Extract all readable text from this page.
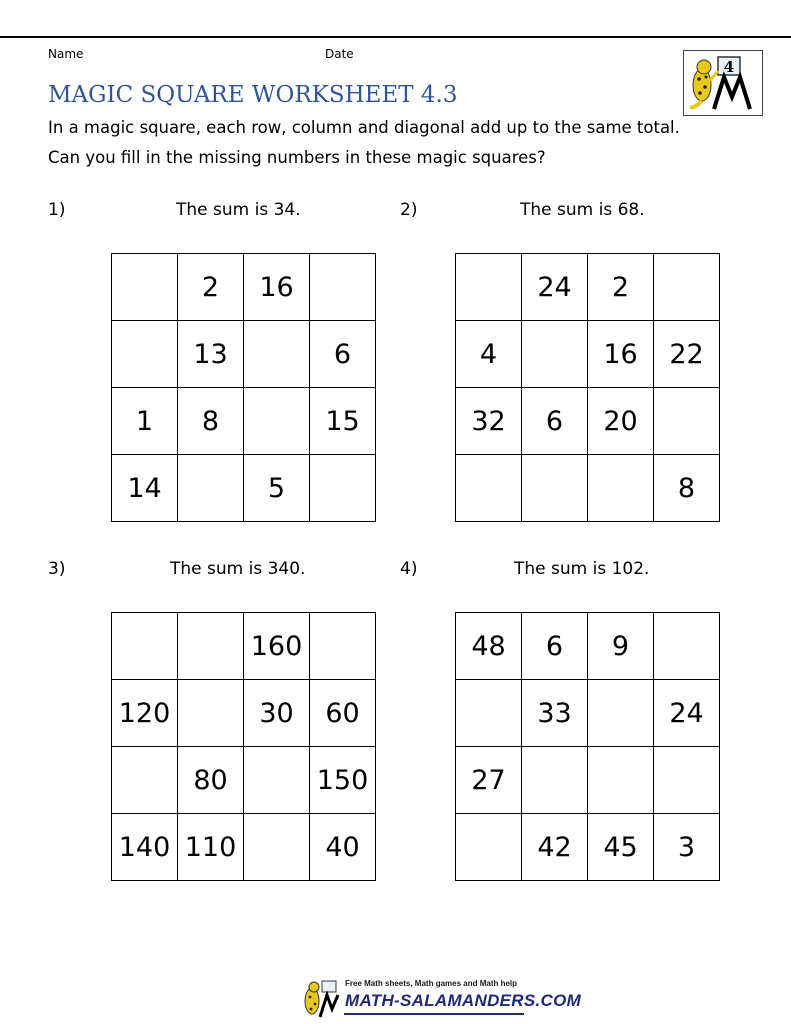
Name	Date
4
MAGIC SQUARE WORKSHEET 4.3
In a magic square, each row, column and diagonal add up to the same total.
Can you fill in the missing numbers in these magic squares?
1)	The sum is 34.
	2	16	
	13		6
1	8		15
14		5	
2)	The sum is 68.
	24	2	
4		16	22
32	6	20	
			8
3)	The sum is 340.
		160	
120		30	60
	80		150
140	110		40
4)	The sum is 102.
48	6	9	
	33		24
27			
	42	45	3
Free Math sheets, Math games and Math help
MATH-SALAMANDERS.COM
